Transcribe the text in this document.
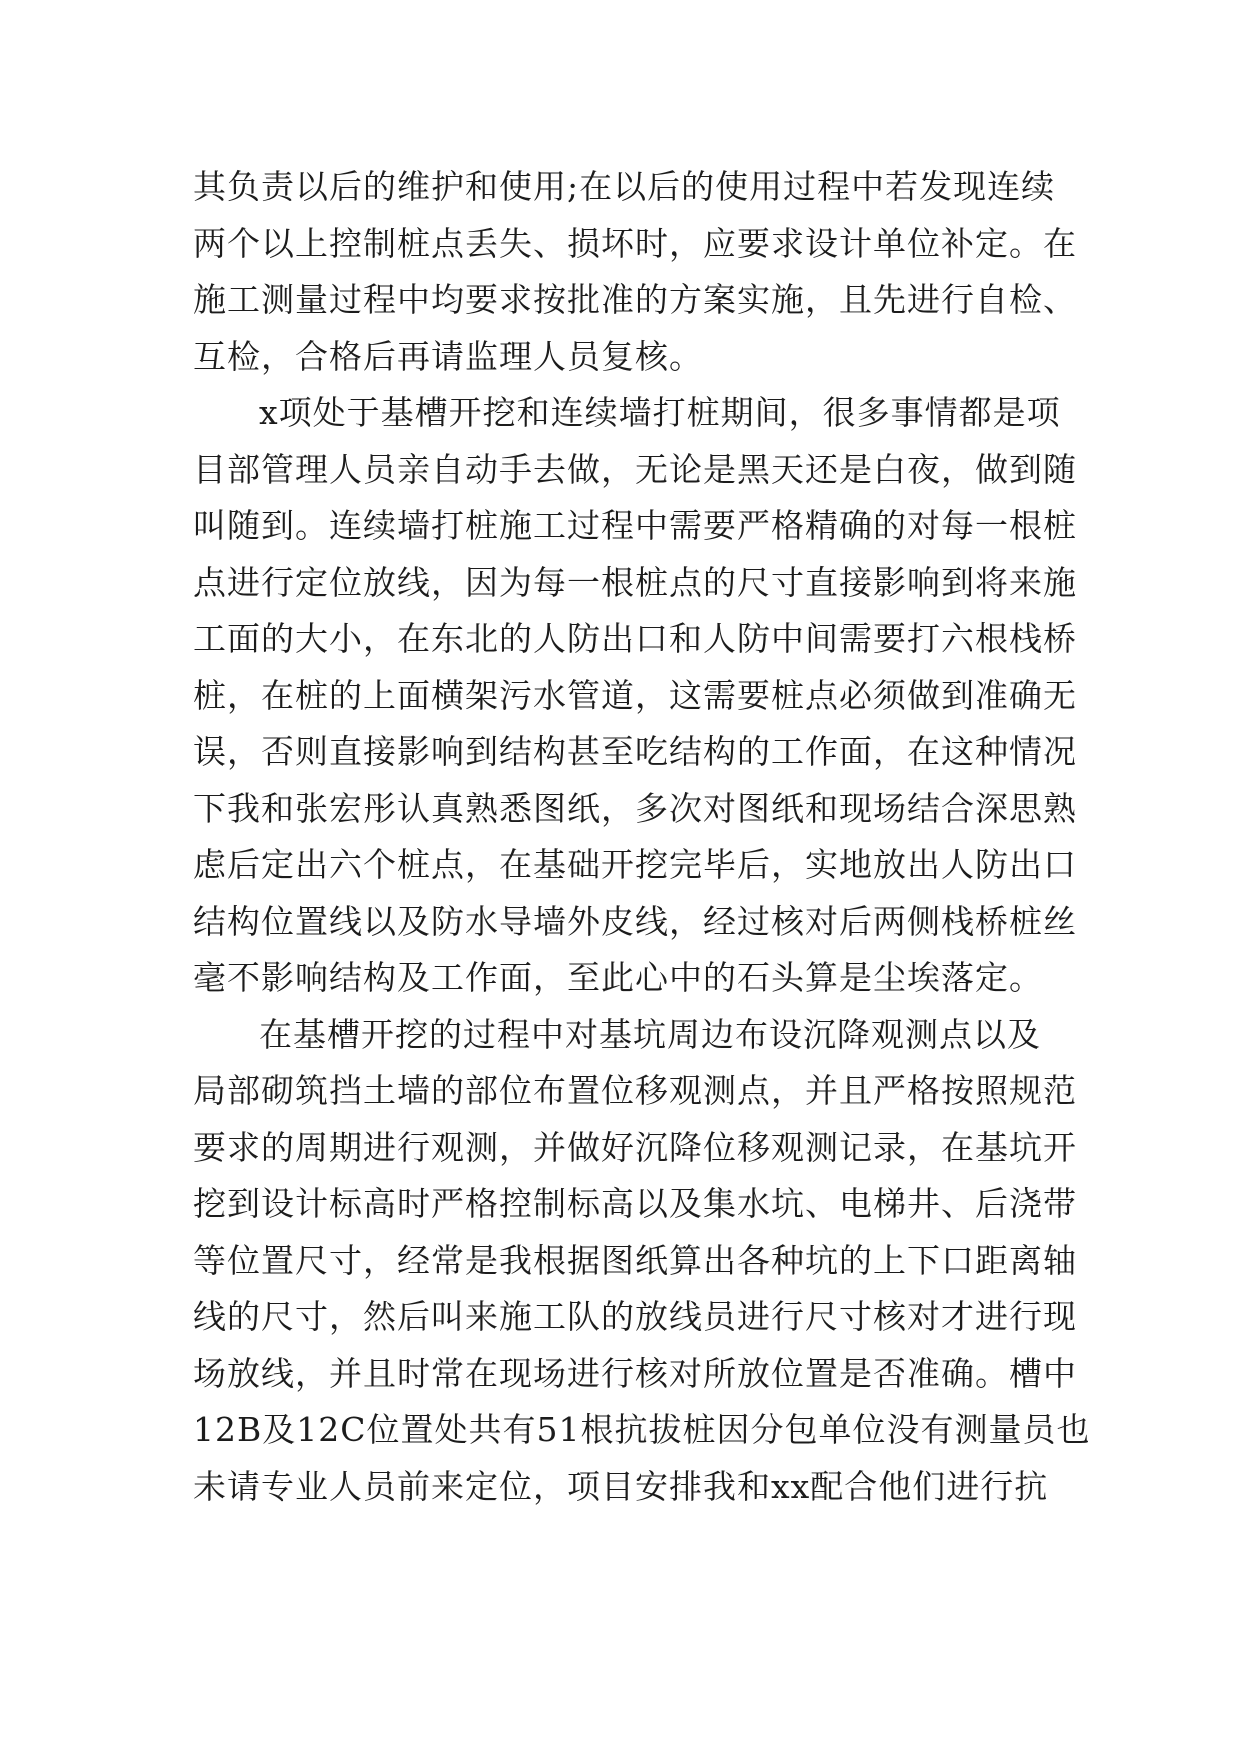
其负责以后的维护和使用;在以后的使用过程中若发现连续
两个以上控制桩点丢失、损坏时，应要求设计单位补定。在
施工测量过程中均要求按批准的方案实施，且先进行自检、
互检，合格后再请监理人员复核。
x项处于基槽开挖和连续墙打桩期间，很多事情都是项
目部管理人员亲自动手去做，无论是黑天还是白夜，做到随
叫随到。连续墙打桩施工过程中需要严格精确的对每一根桩
点进行定位放线，因为每一根桩点的尺寸直接影响到将来施
工面的大小，在东北的人防出口和人防中间需要打六根栈桥
桩，在桩的上面横架污水管道，这需要桩点必须做到准确无
误，否则直接影响到结构甚至吃结构的工作面，在这种情况
下我和张宏彤认真熟悉图纸，多次对图纸和现场结合深思熟
虑后定出六个桩点，在基础开挖完毕后，实地放出人防出口
结构位置线以及防水导墙外皮线，经过核对后两侧栈桥桩丝
毫不影响结构及工作面，至此心中的石头算是尘埃落定。
在基槽开挖的过程中对基坑周边布设沉降观测点以及
局部砌筑挡土墙的部位布置位移观测点，并且严格按照规范
要求的周期进行观测，并做好沉降位移观测记录，在基坑开
挖到设计标高时严格控制标高以及集水坑、电梯井、后浇带
等位置尺寸，经常是我根据图纸算出各种坑的上下口距离轴
线的尺寸，然后叫来施工队的放线员进行尺寸核对才进行现
场放线，并且时常在现场进行核对所放位置是否准确。槽中
12B及12C位置处共有51根抗拔桩因分包单位没有测量员也
未请专业人员前来定位，项目安排我和xx配合他们进行抗
